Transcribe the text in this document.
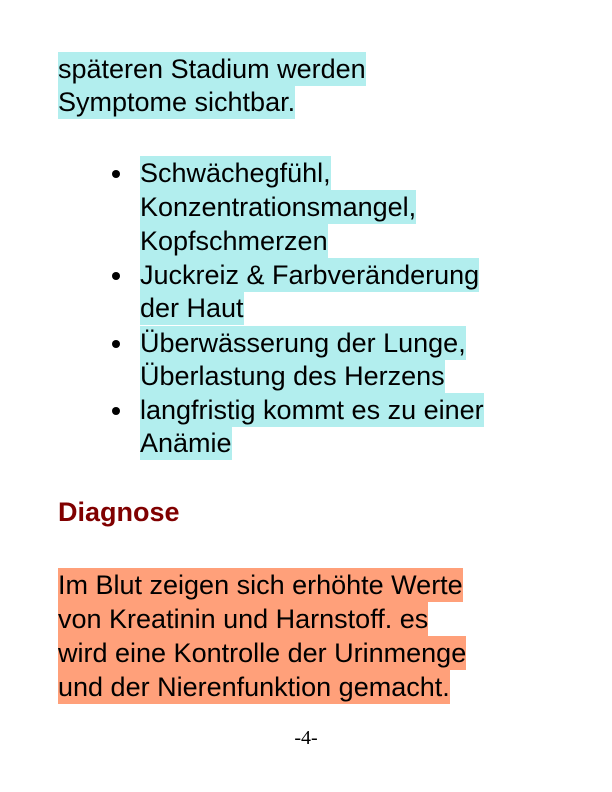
späteren Stadium werden
Symptome sichtbar.
Schwächegfühl,
Konzentrationsmangel,
Kopfschmerzen
Juckreiz & Farbveränderung
der Haut
Überwässerung der Lunge,
Überlastung des Herzens
langfristig kommt es zu einer
Anämie
Diagnose
Im Blut zeigen sich erhöhte Werte
von Kreatinin und Harnstoff. es
wird eine Kontrolle der Urinmenge
und der Nierenfunktion gemacht.
-4-
